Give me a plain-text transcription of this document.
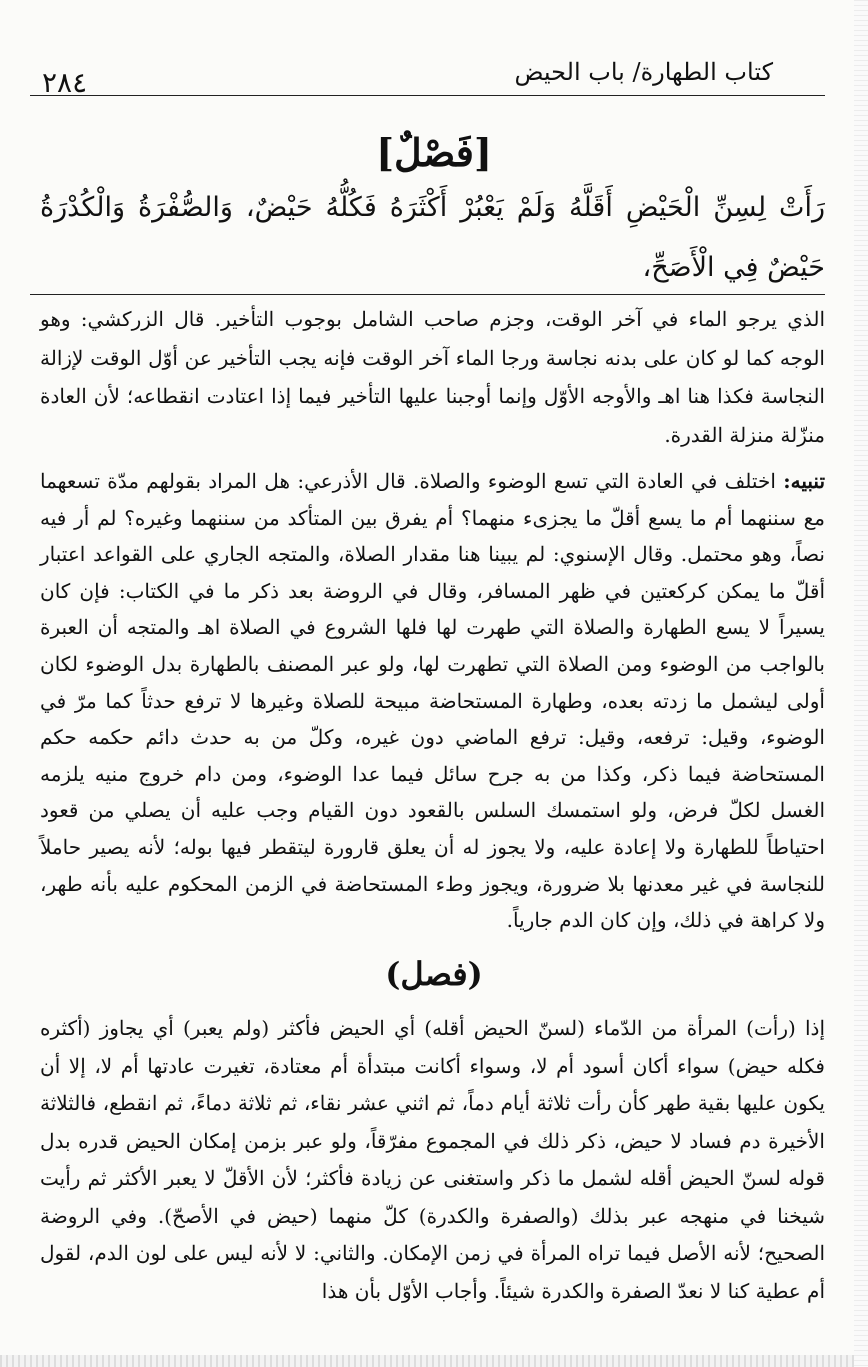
كتاب الطهارة/ باب الحيض
٢٨٤
[فَصْلٌ]

رَأَتْ لِسِنِّ الْحَيْضِ أَقَلَّهُ وَلَمْ يَعْبُرْ أَكْثَرَهُ فَكُلُّهُ حَيْضٌ، وَالصُّفْرَةُ وَالْكُدْرَةُ حَيْضٌ فِي الْأَصَحِّ،

الذي يرجو الماء في آخر الوقت، وجزم صاحب الشامل بوجوب التأخير. قال الزركشي: وهو الوجه كما لو كان على بدنه نجاسة ورجا الماء آخر الوقت فإنه يجب التأخير عن أوّل الوقت لإزالة النجاسة فكذا هنا اهـ والأوجه الأوّل وإنما أوجبنا عليها التأخير فيما إذا اعتادت انقطاعه؛ لأن العادة منزّلة منزلة القدرة.

تنبيه: اختلف في العادة التي تسع الوضوء والصلاة. قال الأذرعي: هل المراد بقولهم مدّة تسعهما مع سننهما أم ما يسع أقلّ ما يجزىء منهما؟ أم يفرق بين المتأكد من سننهما وغيره؟ لم أر فيه نصاً، وهو محتمل. وقال الإسنوي: لم يبينا هنا مقدار الصلاة، والمتجه الجاري على القواعد اعتبار أقلّ ما يمكن كركعتين في ظهر المسافر، وقال في الروضة بعد ذكر ما في الكتاب: فإن كان يسيراً لا يسع الطهارة والصلاة التي طهرت لها فلها الشروع في الصلاة اهـ والمتجه أن العبرة بالواجب من الوضوء ومن الصلاة التي تطهرت لها، ولو عبر المصنف بالطهارة بدل الوضوء لكان أولى ليشمل ما زدته بعده، وطهارة المستحاضة مبيحة للصلاة وغيرها لا ترفع حدثاً كما مرّ في الوضوء، وقيل: ترفعه، وقيل: ترفع الماضي دون غيره، وكلّ من به حدث دائم حكمه حكم المستحاضة فيما ذكر، وكذا من به جرح سائل فيما عدا الوضوء، ومن دام خروج منيه يلزمه الغسل لكلّ فرض، ولو استمسك السلس بالقعود دون القيام وجب عليه أن يصلي من قعود احتياطاً للطهارة ولا إعادة عليه، ولا يجوز له أن يعلق قارورة ليتقطر فيها بوله؛ لأنه يصير حاملاً للنجاسة في غير معدنها بلا ضرورة، ويجوز وطء المستحاضة في الزمن المحكوم عليه بأنه طهر، ولا كراهة في ذلك، وإن كان الدم جارياً.

(فصل)

إذا (رأت) المرأة من الدّماء (لسنّ الحيض أقله) أي الحيض فأكثر (ولم يعبر) أي يجاوز (أكثره فكله حيض) سواء أكان أسود أم لا، وسواء أكانت مبتدأة أم معتادة، تغيرت عادتها أم لا، إلا أن يكون عليها بقية طهر كأن رأت ثلاثة أيام دماً، ثم اثني عشر نقاء، ثم ثلاثة دماءً، ثم انقطع، فالثلاثة الأخيرة دم فساد لا حيض، ذكر ذلك في المجموع مفرّقاً، ولو عبر بزمن إمكان الحيض قدره بدل قوله لسنّ الحيض أقله لشمل ما ذكر واستغنى عن زيادة فأكثر؛ لأن الأقلّ لا يعبر الأكثر ثم رأيت شيخنا في منهجه عبر بذلك (والصفرة والكدرة) كلّ منهما (حيض في الأصحّ). وفي الروضة الصحيح؛ لأنه الأصل فيما تراه المرأة في زمن الإمكان. والثاني: لا لأنه ليس على لون الدم، لقول أم عطية كنا لا نعدّ الصفرة والكدرة شيئاً. وأجاب الأوّل بأن هذا
